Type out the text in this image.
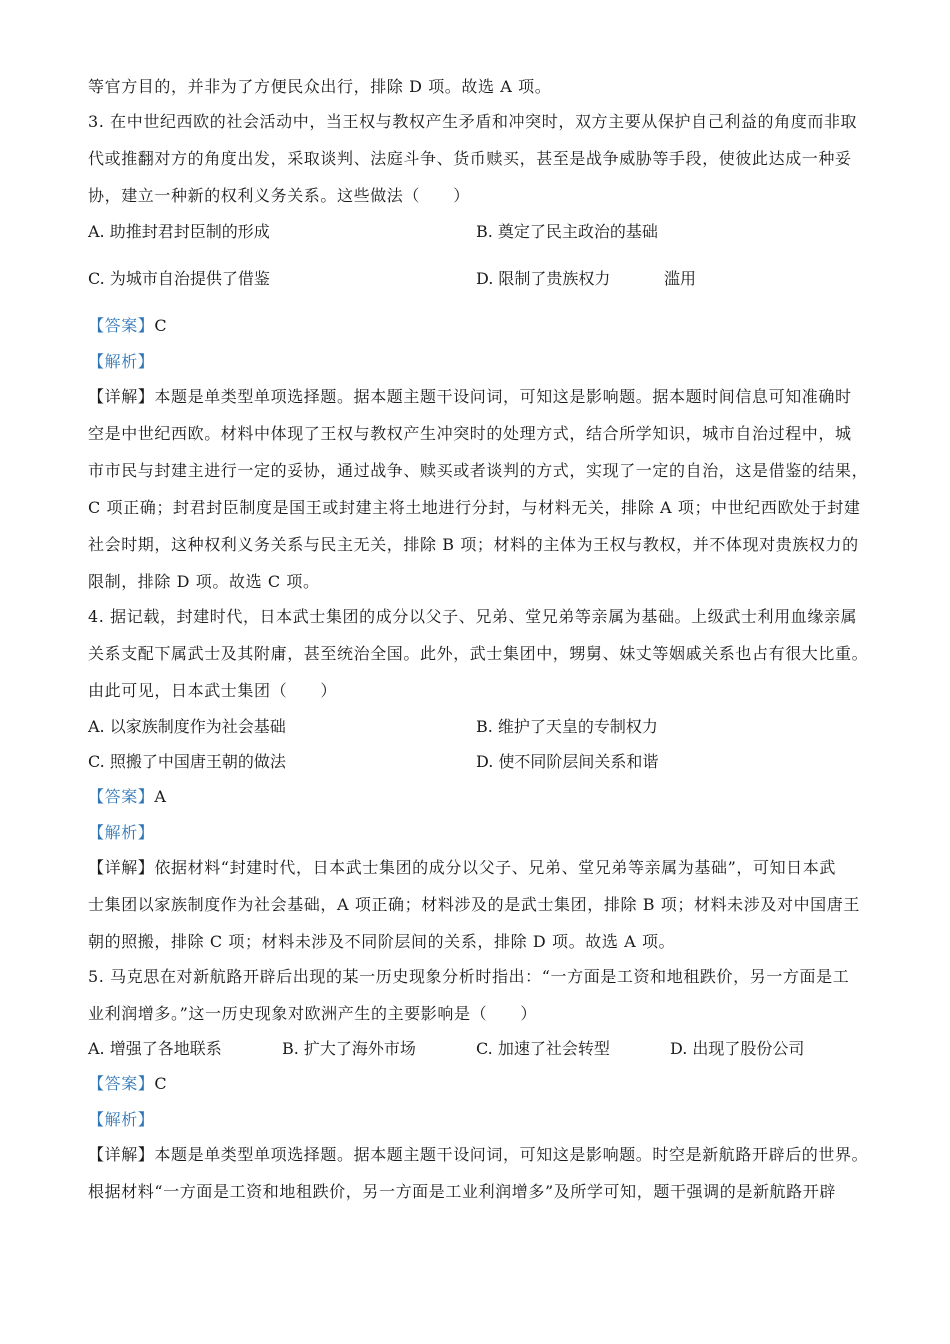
等官方目的，并非为了方便民众出行，排除 D 项。故选 A 项。
3. 在中世纪西欧的社会活动中，当王权与教权产生矛盾和冲突时，双方主要从保护自己利益的角度而非取
代或推翻对方的角度出发，采取谈判、法庭斗争、货币赎买，甚至是战争威胁等手段，使彼此达成一种妥
协，建立一种新的权利义务关系。这些做法（　　）
A. 助推封君封臣制的形成	B. 奠定了民主政治的基础
C. 为城市自治提供了借鉴	D. 限制了贵族权力	滥用
【答案】C
【解析】
【详解】本题是单类型单项选择题。据本题主题干设问词，可知这是影响题。据本题时间信息可知准确时
空是中世纪西欧。材料中体现了王权与教权产生冲突时的处理方式，结合所学知识，城市自治过程中，城
市市民与封建主进行一定的妥协，通过战争、赎买或者谈判的方式，实现了一定的自治，这是借鉴的结果，
C 项正确；封君封臣制度是国王或封建主将土地进行分封，与材料无关，排除 A 项；中世纪西欧处于封建
社会时期，这种权利义务关系与民主无关，排除 B 项；材料的主体为王权与教权，并不体现对贵族权力的
限制，排除 D 项。故选 C 项。
4. 据记载，封建时代，日本武士集团的成分以父子、兄弟、堂兄弟等亲属为基础。上级武士利用血缘亲属
关系支配下属武士及其附庸，甚至统治全国。此外，武士集团中，甥舅、妹丈等姻戚关系也占有很大比重。
由此可见，日本武士集团（　　）
A. 以家族制度作为社会基础	B. 维护了天皇的专制权力
C. 照搬了中国唐王朝的做法	D. 使不同阶层间关系和谐
【答案】A
【解析】
【详解】依据材料“封建时代，日本武士集团的成分以父子、兄弟、堂兄弟等亲属为基础”，可知日本武
士集团以家族制度作为社会基础，A 项正确；材料涉及的是武士集团，排除 B 项；材料未涉及对中国唐王
朝的照搬，排除 C 项；材料未涉及不同阶层间的关系，排除 D 项。故选 A 项。
5. 马克思在对新航路开辟后出现的某一历史现象分析时指出：“一方面是工资和地租跌价，另一方面是工
业利润增多。”这一历史现象对欧洲产生的主要影响是（　　）
A. 增强了各地联系	B. 扩大了海外市场	C. 加速了社会转型	D. 出现了股份公司
【答案】C
【解析】
【详解】本题是单类型单项选择题。据本题主题干设问词，可知这是影响题。时空是新航路开辟后的世界。
根据材料“一方面是工资和地租跌价，另一方面是工业利润增多”及所学可知，题干强调的是新航路开辟
